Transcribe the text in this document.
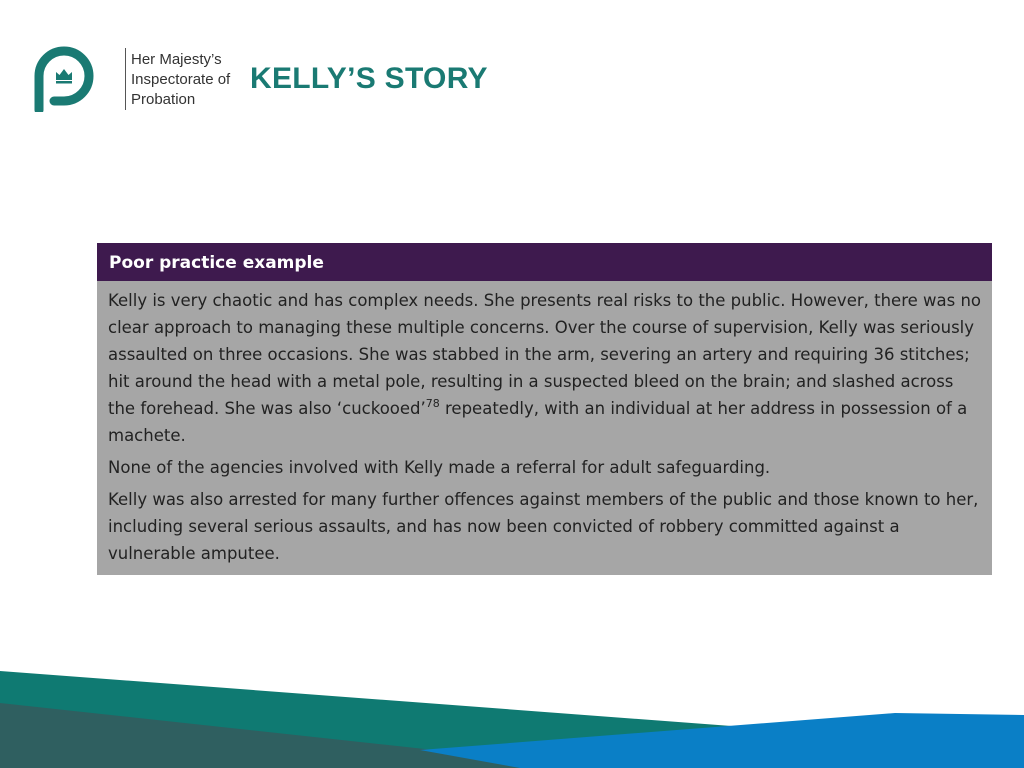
Her Majesty’s
Inspectorate of
Probation
KELLY’S STORY
Poor practice example

Kelly is very chaotic and has complex needs. She presents real risks to the public. However, there was no clear approach to managing these multiple concerns. Over the course of supervision, Kelly was seriously assaulted on three occasions. She was stabbed in the arm, severing an artery and requiring 36 stitches; hit around the head with a metal pole, resulting in a suspected bleed on the brain; and slashed across the forehead. She was also ‘cuckooed’$^{78}$ repeatedly, with an individual at her address in possession of a machete.

None of the agencies involved with Kelly made a referral for adult safeguarding.

Kelly was also arrested for many further offences against members of the public and those known to her, including several serious assaults, and has now been convicted of robbery committed against a vulnerable amputee.
